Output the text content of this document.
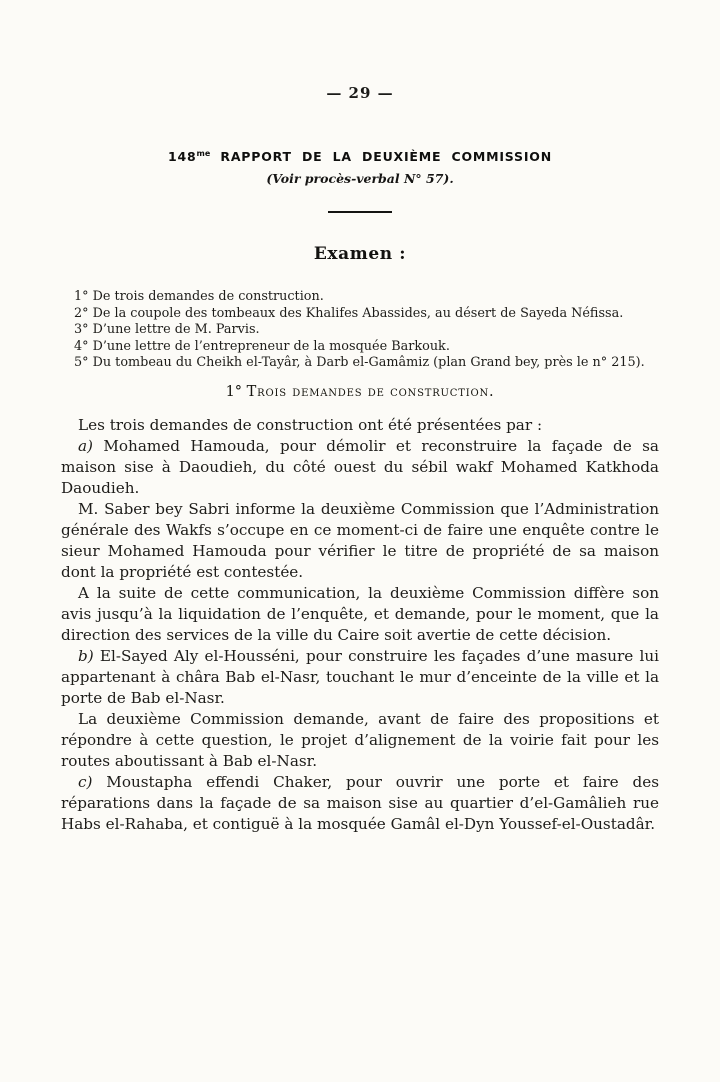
— 29 —
$148^{me}$ RAPPORT DE LA DEUXIÈME COMMISSION
(Voir procès-verbal N° 57).
Examen :

1° De trois demandes de construction.

2° De la coupole des tombeaux des Khalifes Abassides, au désert de Sayeda Néfissa.

3° D’une lettre de M. Parvis.

4° D’une lettre de l’entrepreneur de la mosquée Barkouk.

5° Du tombeau du Cheikh el-Tayâr, à Darb el-Gamâmiz (plan Grand bey, près le n° 215).

1° Trois demandes de construction.

Les trois demandes de construction ont été présentées par :

a) Mohamed Hamouda, pour démolir et reconstruire la façade de sa maison sise à Daoudieh, du côté ouest du sébil wakf Mohamed Katkhoda Daoudieh.

M. Saber bey Sabri informe la deuxième Commission que l’Administration générale des Wakfs s’occupe en ce moment-ci de faire une enquête contre le sieur Mohamed Hamouda pour vérifier le titre de propriété de sa maison dont la propriété est contestée.

A la suite de cette communication, la deuxième Commission diffère son avis jusqu’à la liquidation de l’enquête, et demande, pour le moment, que la direction des services de la ville du Caire soit avertie de cette décision.

b) El-Sayed Aly el-Housséni, pour construire les façades d’une masure lui appartenant à châra Bab el-Nasr, touchant le mur d’enceinte de la ville et la porte de Bab el-Nasr.

La deuxième Commission demande, avant de faire des propositions et répondre à cette question, le projet d’alignement de la voirie fait pour les routes aboutissant à Bab el-Nasr.

c) Moustapha effendi Chaker, pour ouvrir une porte et faire des réparations dans la façade de sa maison sise au quartier d’el-Gamâlieh rue Habs el-Rahaba, et contiguë à la mosquée Gamâl el-Dyn Youssef-el-Oustadâr.
